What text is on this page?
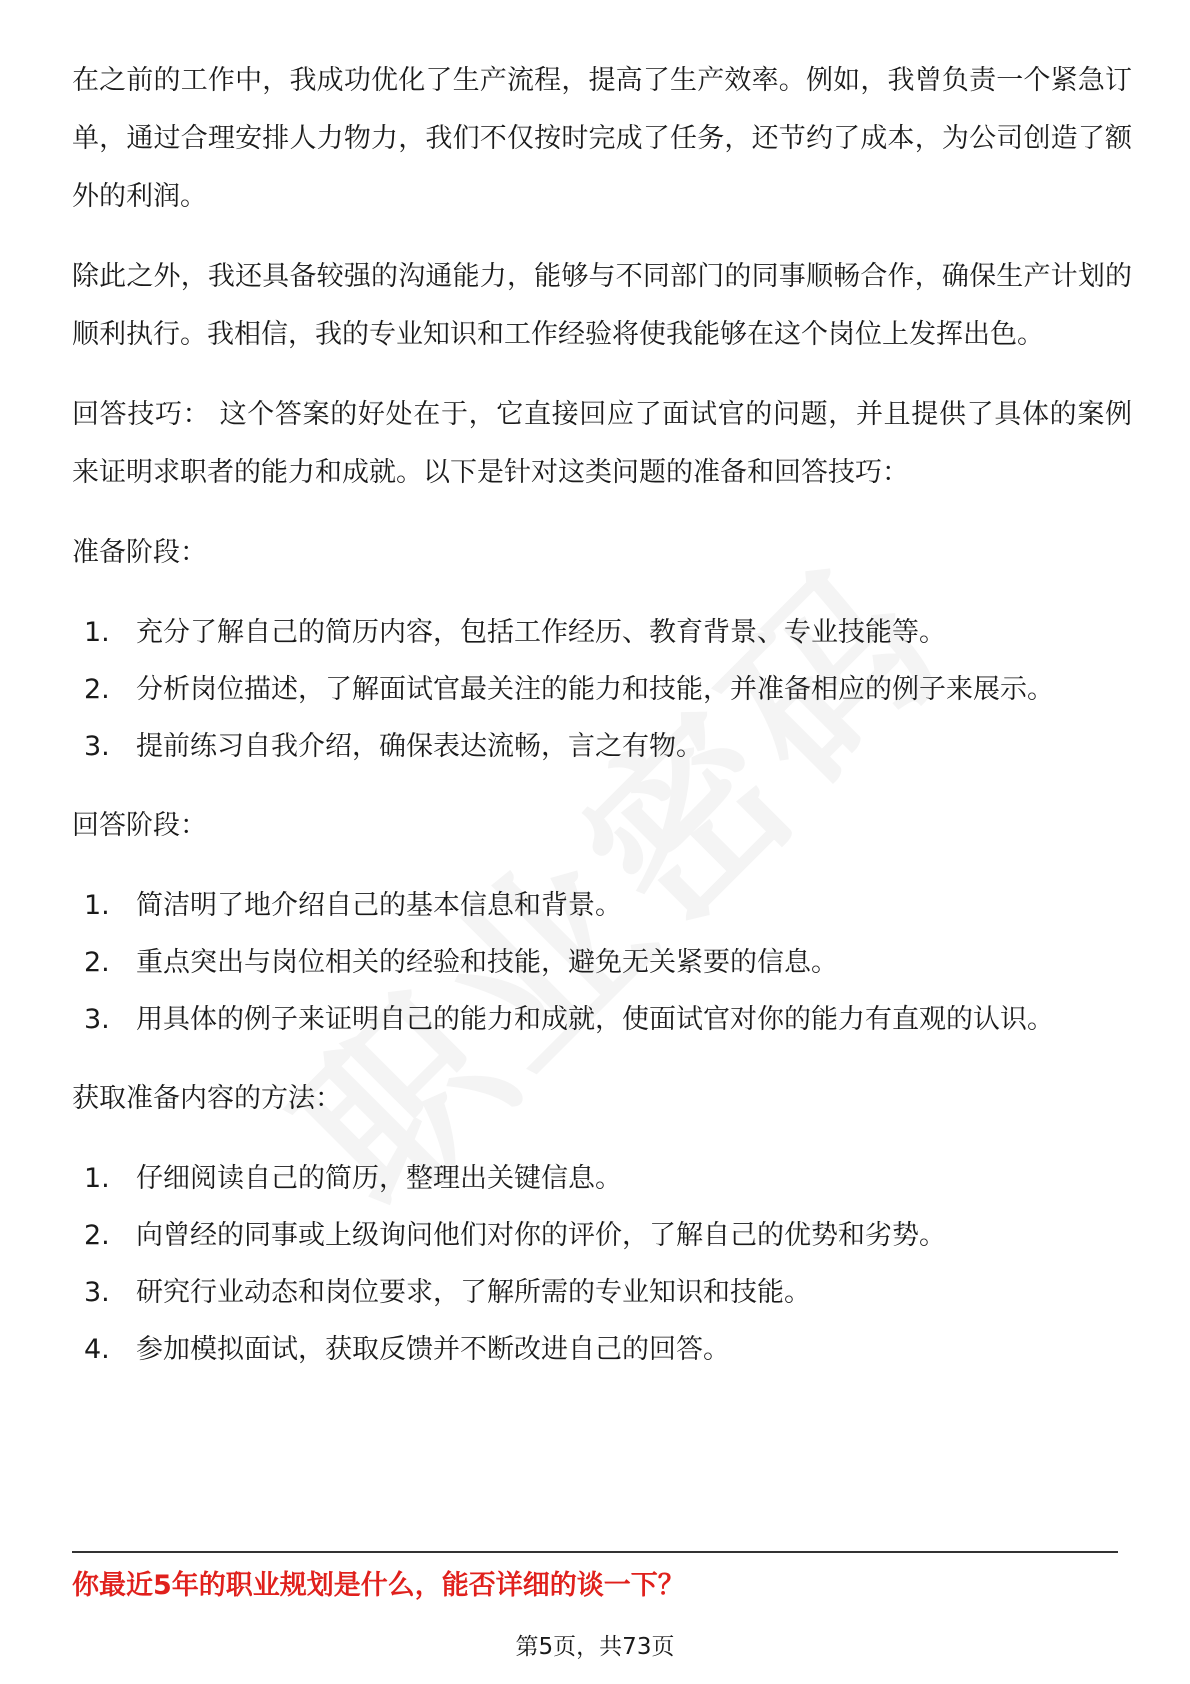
在之前的工作中，我成功优化了生产流程，提高了生产效率。例如，我曾负责一个紧急订单，通过合理安排人力物力，我们不仅按时完成了任务，还节约了成本，为公司创造了额外的利润。

除此之外，我还具备较强的沟通能力，能够与不同部门的同事顺畅合作，确保生产计划的顺利执行。我相信，我的专业知识和工作经验将使我能够在这个岗位上发挥出色。

回答技巧： 这个答案的好处在于，它直接回应了面试官的问题，并且提供了具体的案例来证明求职者的能力和成就。以下是针对这类问题的准备和回答技巧：

准备阶段：
1. 充分了解自己的简历内容，包括工作经历、教育背景、专业技能等。
2. 分析岗位描述，了解面试官最关注的能力和技能，并准备相应的例子来展示。
3. 提前练习自我介绍，确保表达流畅，言之有物。
回答阶段：
1. 简洁明了地介绍自己的基本信息和背景。
2. 重点突出与岗位相关的经验和技能，避免无关紧要的信息。
3. 用具体的例子来证明自己的能力和成就，使面试官对你的能力有直观的认识。
获取准备内容的方法：
1. 仔细阅读自己的简历，整理出关键信息。
2. 向曾经的同事或上级询问他们对你的评价，了解自己的优势和劣势。
3. 研究行业动态和岗位要求，了解所需的专业知识和技能。
4. 参加模拟面试，获取反馈并不断改进自己的回答。
你最近5年的职业规划是什么，能否详细的谈一下？
第5页，共73页
